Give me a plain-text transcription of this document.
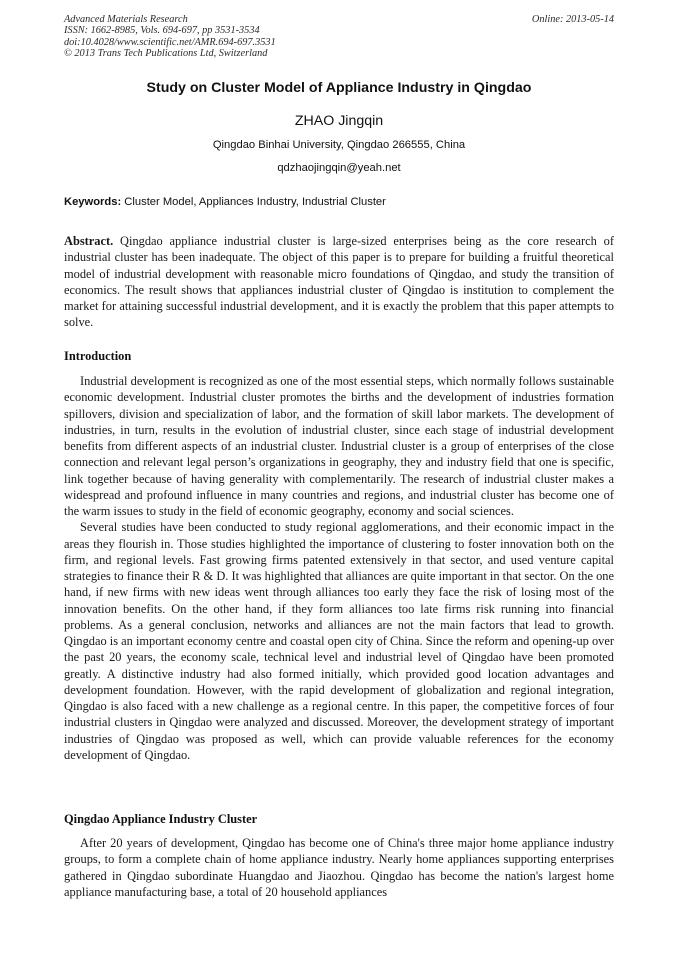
Advanced Materials Research
ISSN: 1662-8985, Vols. 694-697, pp 3531-3534
doi:10.4028/www.scientific.net/AMR.694-697.3531
© 2013 Trans Tech Publications Ltd, Switzerland
Online: 2013-05-14
Study on Cluster Model of Appliance Industry in Qingdao
ZHAO Jingqin
Qingdao Binhai University, Qingdao 266555, China
qdzhaojingqin@yeah.net
Keywords: Cluster Model, Appliances Industry, Industrial Cluster
Abstract. Qingdao appliance industrial cluster is large-sized enterprises being as the core research of industrial cluster has been inadequate. The object of this paper is to prepare for building a fruitful theoretical model of industrial development with reasonable micro foundations of Qingdao, and study the transition of economics. The result shows that appliances industrial cluster of Qingdao is institution to complement the market for attaining successful industrial development, and it is exactly the problem that this paper attempts to solve.
Introduction

Industrial development is recognized as one of the most essential steps, which normally follows sustainable economic development. Industrial cluster promotes the births and the development of industries formation spillovers, division and specialization of labor, and the formation of skill labor markets. The development of industries, in turn, results in the evolution of industrial cluster, since each stage of industrial development benefits from different aspects of an industrial cluster. Industrial cluster is a group of enterprises of the close connection and relevant legal person’s organizations in geography, they and industry field that one is specific, link together because of having generality with complementarily. The research of industrial cluster makes a widespread and profound influence in many countries and regions, and industrial cluster has become one of the warm issues to study in the field of economic geography, economy and social sciences.

Several studies have been conducted to study regional agglomerations, and their economic impact in the areas they flourish in. Those studies highlighted the importance of clustering to foster innovation both on the firm, and regional levels. Fast growing firms patented extensively in that sector, and used venture capital strategies to finance their R & D. It was highlighted that alliances are quite important in that sector. On the one hand, if new firms with new ideas went through alliances too early they face the risk of losing most of the innovation benefits. On the other hand, if they form alliances too late firms risk running into financial problems. As a general conclusion, networks and alliances are not the main factors that lead to growth. Qingdao is an important economy centre and coastal open city of China. Since the reform and opening-up over the past 20 years, the economy scale, technical level and industrial level of Qingdao have been promoted greatly. A distinctive industry had also formed initially, which provided good location advantages and development foundation. However, with the rapid development of globalization and regional integration, Qingdao is also faced with a new challenge as a regional centre. In this paper, the competitive forces of four industrial clusters in Qingdao were analyzed and discussed. Moreover, the development strategy of important industries of Qingdao was proposed as well, which can provide valuable references for the economy development of Qingdao.

Qingdao Appliance Industry Cluster

After 20 years of development, Qingdao has become one of China's three major home appliance industry groups, to form a complete chain of home appliance industry. Nearly home appliances supporting enterprises gathered in Qingdao subordinate Huangdao and Jiaozhou. Qingdao has become the nation's largest home appliance manufacturing base, a total of 20 household appliances
